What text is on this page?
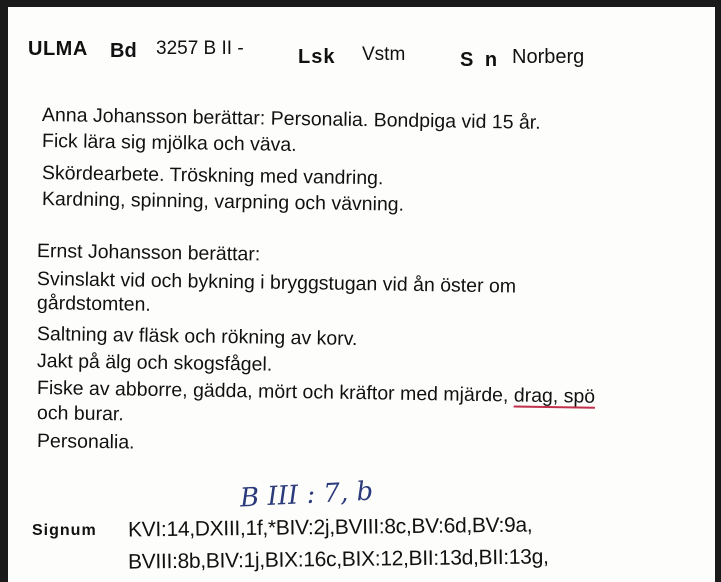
ULMA Bd 3257 B II -	Lsk Vstm	S n Norberg
Anna Johansson berättar: Personalia. Bondpiga vid 15 år.
Fick lära sig mjölka och väva.
Skördearbete. Tröskning med vandring.
Kardning, spinning, varpning och vävning.
Ernst Johansson berättar:
Svinslakt vid och bykning i bryggstugan vid ån öster om
gårdstomten.
Saltning av fläsk och rökning av korv.
Jakt på älg och skogsfågel.
Fiske av abborre, gädda, mört och kräftor med mjärde, drag, spö
och burar.
Personalia.
B III : 7, b
Signum KVI:14,DXIII,1f,*BIV:2j,BVIII:8c,BV:6d,BV:9a,
BVIII:8b,BIV:1j,BIX:16c,BIX:12,BII:13d,BII:13g,
